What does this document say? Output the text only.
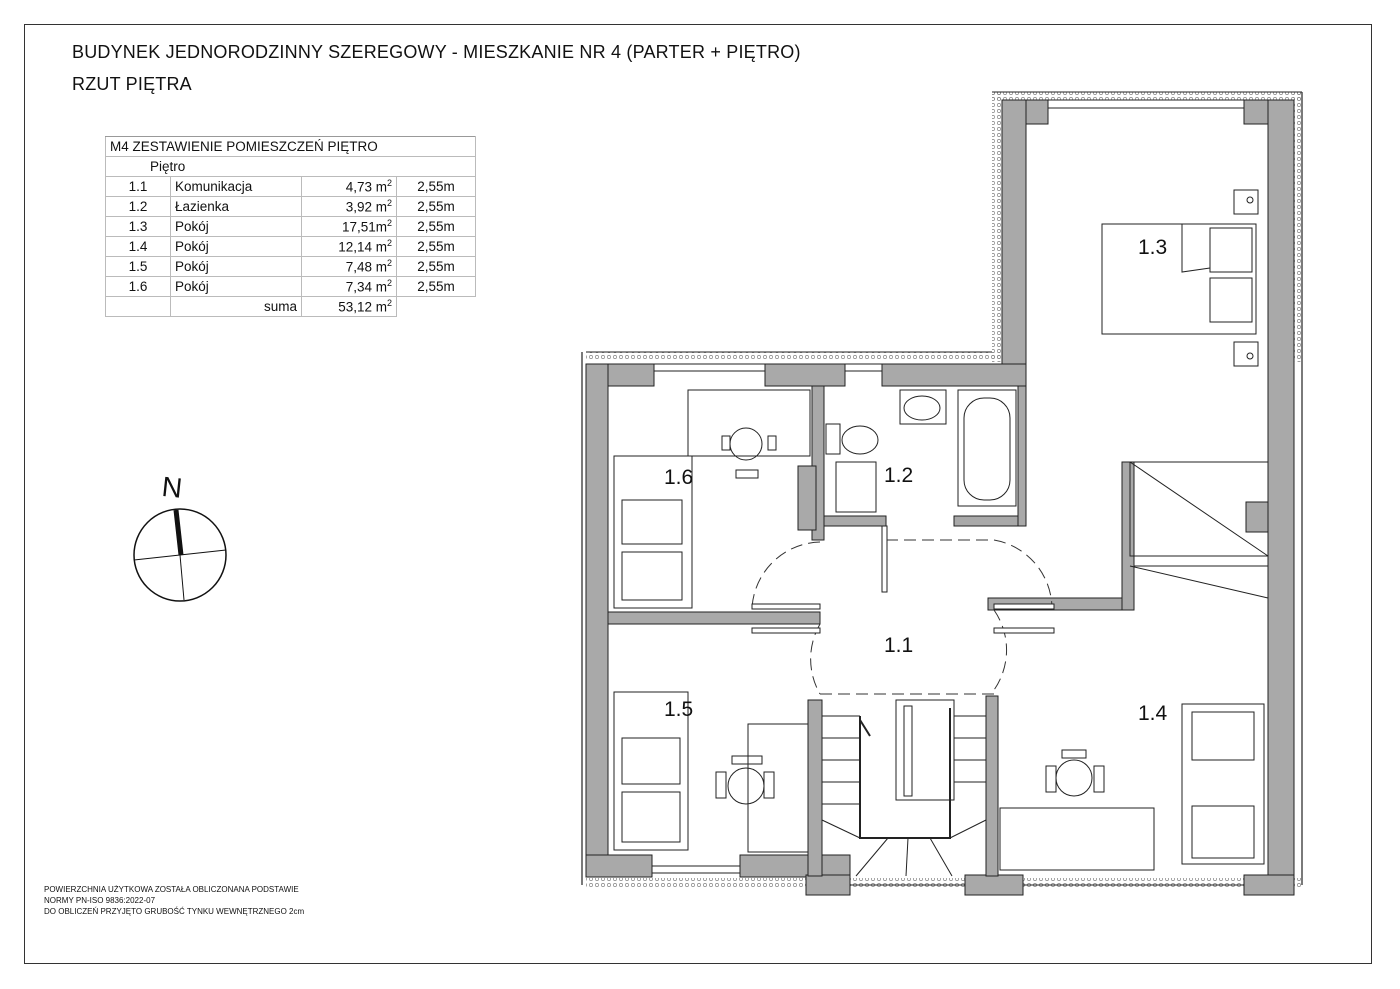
BUDYNEK JEDNORODZINNY SZEREGOWY - MIESZKANIE NR 4 (PARTER + PIĘTRO)
RZUT PIĘTRA
M4 ZESTAWIENIE POMIESZCZEŃ PIĘTRO			
Piętro			
1.1	Komunikacja	4,73 $m^2$	2,55m
1.2	Łazienka	3,92 $m^2$	2,55m
1.3	Pokój	$17,51m^2$	2,55m
1.4	Pokój	12,14 $m^2$	2,55m
1.5	Pokój	7,48 $m^2$	2,55m
1.6	Pokój	7,34 $m^2$	2,55m
	suma	53,12 $m^2$	
N
1.3
1.2
1.6
1.1
1.5	1.4
POWIERZCHNIA UŻYTKOWA ZOSTAŁA OBLICZONANA PODSTAWIE
NORMY PN-ISO 9836:2022-07
DO OBLICZEŃ PRZYJĘTO GRUBOŚĆ TYNKU WEWNĘTRZNEGO 2cm
